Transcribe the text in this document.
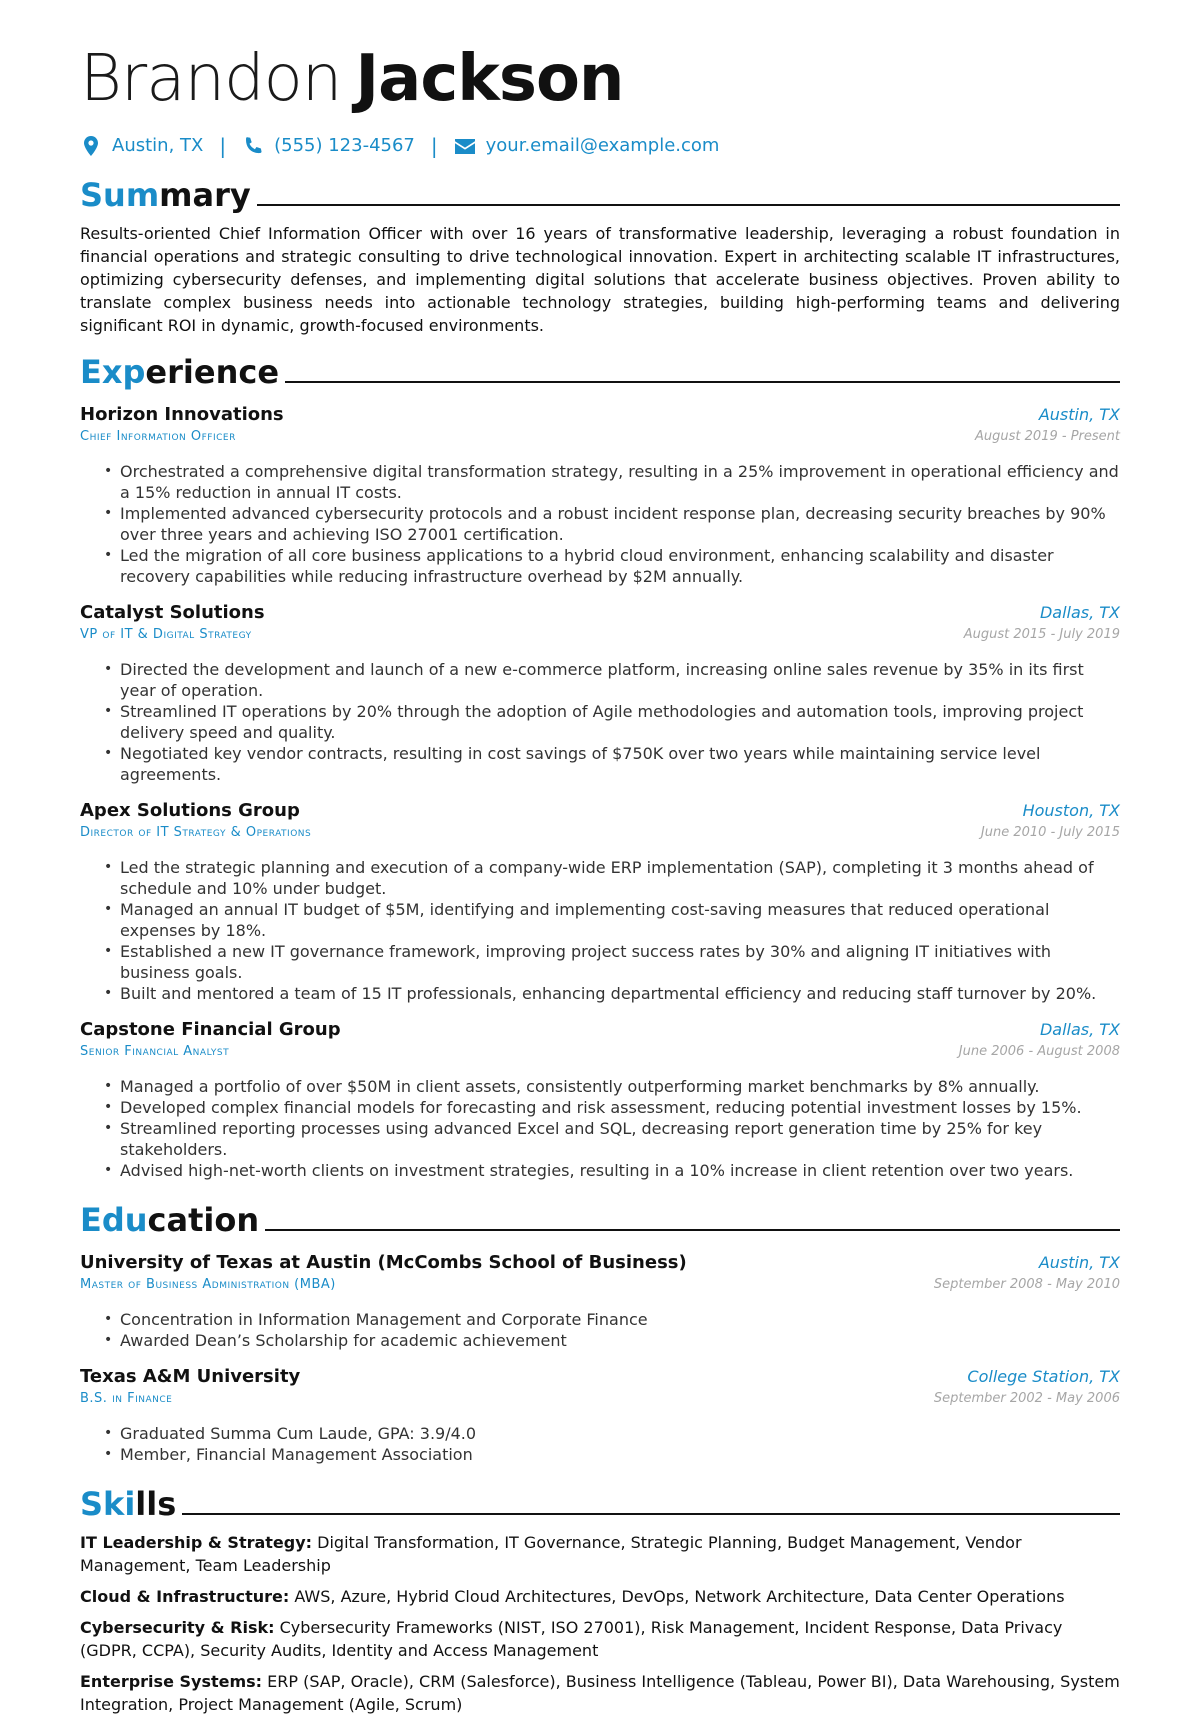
Brandon Jackson
Austin, TX |	(555) 123-4567 |	your.email@example.com
Summary
Results-oriented Chief Information Officer with over 16 years of transformative leadership, leveraging a robust foundation in financial operations and strategic consulting to drive technological innovation. Expert in architecting scalable IT infrastructures, optimizing cybersecurity defenses, and implementing digital solutions that accelerate business objectives. Proven ability to translate complex business needs into actionable technology strategies, building high-performing teams and delivering significant ROI in dynamic, growth-focused environments.
Experience
Horizon Innovations	Austin, TX
Chief Information Officer	August 2019 - Present
• Orchestrated a comprehensive digital transformation strategy, resulting in a 25% improvement in operational efficiency and a 15% reduction in annual IT costs.
• Implemented advanced cybersecurity protocols and a robust incident response plan, decreasing security breaches by 90% over three years and achieving ISO 27001 certification.
• Led the migration of all core business applications to a hybrid cloud environment, enhancing scalability and disaster recovery capabilities while reducing infrastructure overhead by $2M annually.
Catalyst Solutions	Dallas, TX
VP of IT & Digital Strategy	August 2015 - July 2019
• Directed the development and launch of a new e-commerce platform, increasing online sales revenue by 35% in its first year of operation.
• Streamlined IT operations by 20% through the adoption of Agile methodologies and automation tools, improving project delivery speed and quality.
• Negotiated key vendor contracts, resulting in cost savings of $750K over two years while maintaining service level agreements.
Apex Solutions Group	Houston, TX
Director of IT Strategy & Operations	June 2010 - July 2015
• Led the strategic planning and execution of a company-wide ERP implementation (SAP), completing it 3 months ahead of schedule and 10% under budget.
• Managed an annual IT budget of $5M, identifying and implementing cost-saving measures that reduced operational expenses by 18%.
• Established a new IT governance framework, improving project success rates by 30% and aligning IT initiatives with business goals.
• Built and mentored a team of 15 IT professionals, enhancing departmental efficiency and reducing staff turnover by 20%.
Capstone Financial Group	Dallas, TX
Senior Financial Analyst	June 2006 - August 2008
• Managed a portfolio of over $50M in client assets, consistently outperforming market benchmarks by 8% annually.
• Developed complex financial models for forecasting and risk assessment, reducing potential investment losses by 15%.
• Streamlined reporting processes using advanced Excel and SQL, decreasing report generation time by 25% for key stakeholders.
• Advised high-net-worth clients on investment strategies, resulting in a 10% increase in client retention over two years.
Education
University of Texas at Austin (McCombs School of Business)	Austin, TX
Master of Business Administration (MBA)	September 2008 - May 2010
• Concentration in Information Management and Corporate Finance
• Awarded Dean’s Scholarship for academic achievement
Texas A&M University	College Station, TX
B.S. in Finance	September 2002 - May 2006
• Graduated Summa Cum Laude, GPA: 3.9/4.0
• Member, Financial Management Association
Skills
IT Leadership & Strategy: Digital Transformation, IT Governance, Strategic Planning, Budget Management, Vendor Management, Team Leadership
Cloud & Infrastructure: AWS, Azure, Hybrid Cloud Architectures, DevOps, Network Architecture, Data Center Operations
Cybersecurity & Risk: Cybersecurity Frameworks (NIST, ISO 27001), Risk Management, Incident Response, Data Privacy (GDPR, CCPA), Security Audits, Identity and Access Management
Enterprise Systems: ERP (SAP, Oracle), CRM (Salesforce), Business Intelligence (Tableau, Power BI), Data Warehousing, System Integration, Project Management (Agile, Scrum)
